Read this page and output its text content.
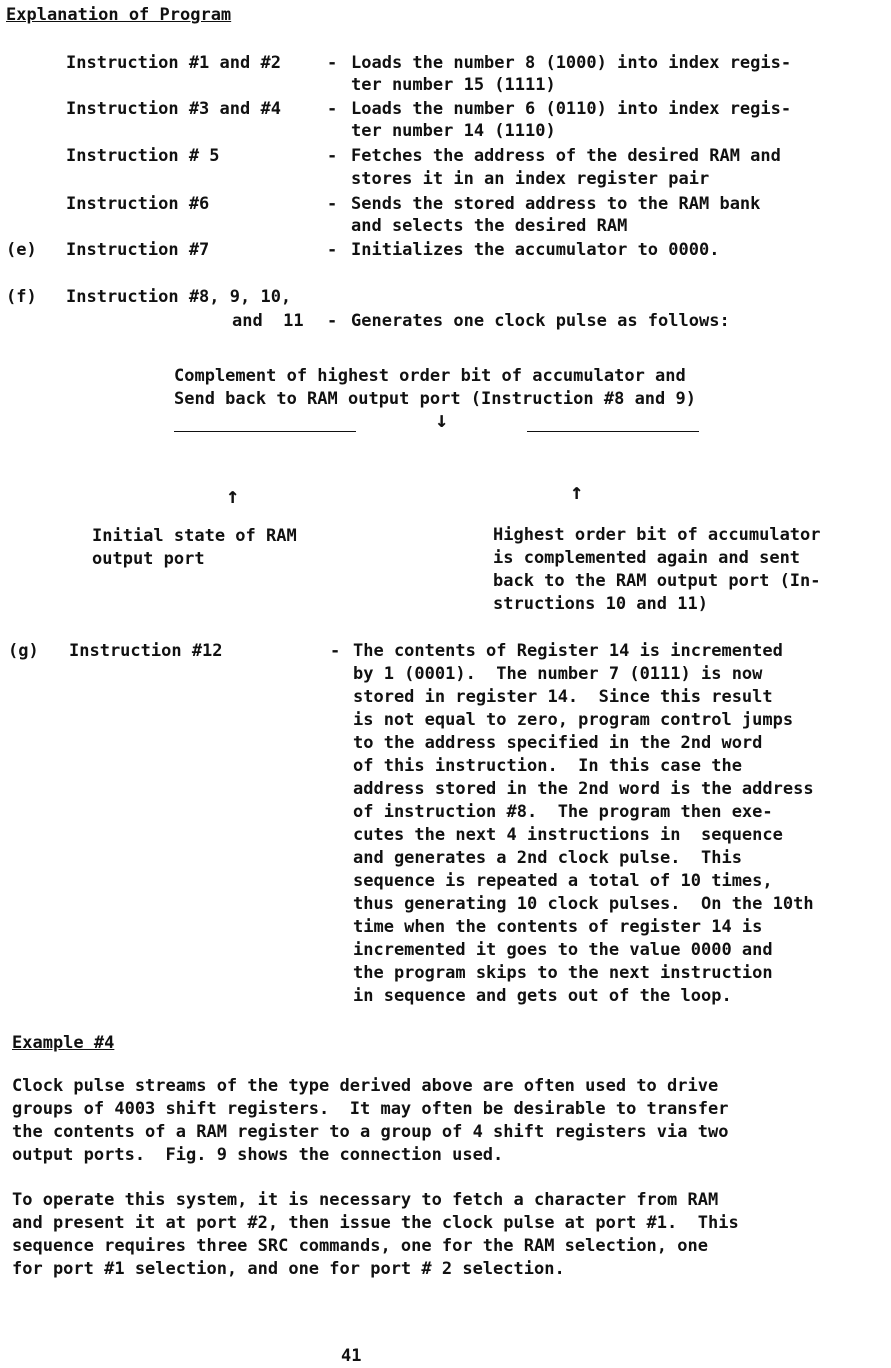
Explanation of Program
Instruction #1 and #2	- Loads the number 8 (1000) into index regis-
ter number 15 (1111)
Instruction #3 and #4	- Loads the number 6 (0110) into index regis-
ter number 14 (1110)
Instruction # 5	- Fetches the address of the desired RAM and
stores it in an index register pair
Instruction #6	- Sends the stored address to the RAM bank
and selects the desired RAM
(e) Instruction #7	- Initializes the accumulator to 0000.
(f) Instruction #8, 9, 10,
and  11 - Generates one clock pulse as follows:
Complement of highest order bit of accumulator and
Send back to RAM output port (Instruction #8 and 9)
↓
↑	↑
Initial state of RAM
output port
Highest order bit of accumulator
is complemented again and sent
back to the RAM output port (In-
structions 10 and 11)
(g) Instruction #12	- The contents of Register 14 is incremented
by 1 (0001).  The number 7 (0111) is now
stored in register 14.  Since this result
is not equal to zero, program control jumps
to the address specified in the 2nd word
of this instruction.  In this case the
address stored in the 2nd word is the address
of instruction #8.  The program then exe-
cutes the next 4 instructions in  sequence
and generates a 2nd clock pulse.  This
sequence is repeated a total of 10 times,
thus generating 10 clock pulses.  On the 10th
time when the contents of register 14 is
incremented it goes to the value 0000 and
the program skips to the next instruction
in sequence and gets out of the loop.
Example #4
Clock pulse streams of the type derived above are often used to drive
groups of 4003 shift registers.  It may often be desirable to transfer
the contents of a RAM register to a group of 4 shift registers via two
output ports.  Fig. 9 shows the connection used.
To operate this system, it is necessary to fetch a character from RAM
and present it at port #2, then issue the clock pulse at port #1.  This
sequence requires three SRC commands, one for the RAM selection, one
for port #1 selection, and one for port # 2 selection.
41
